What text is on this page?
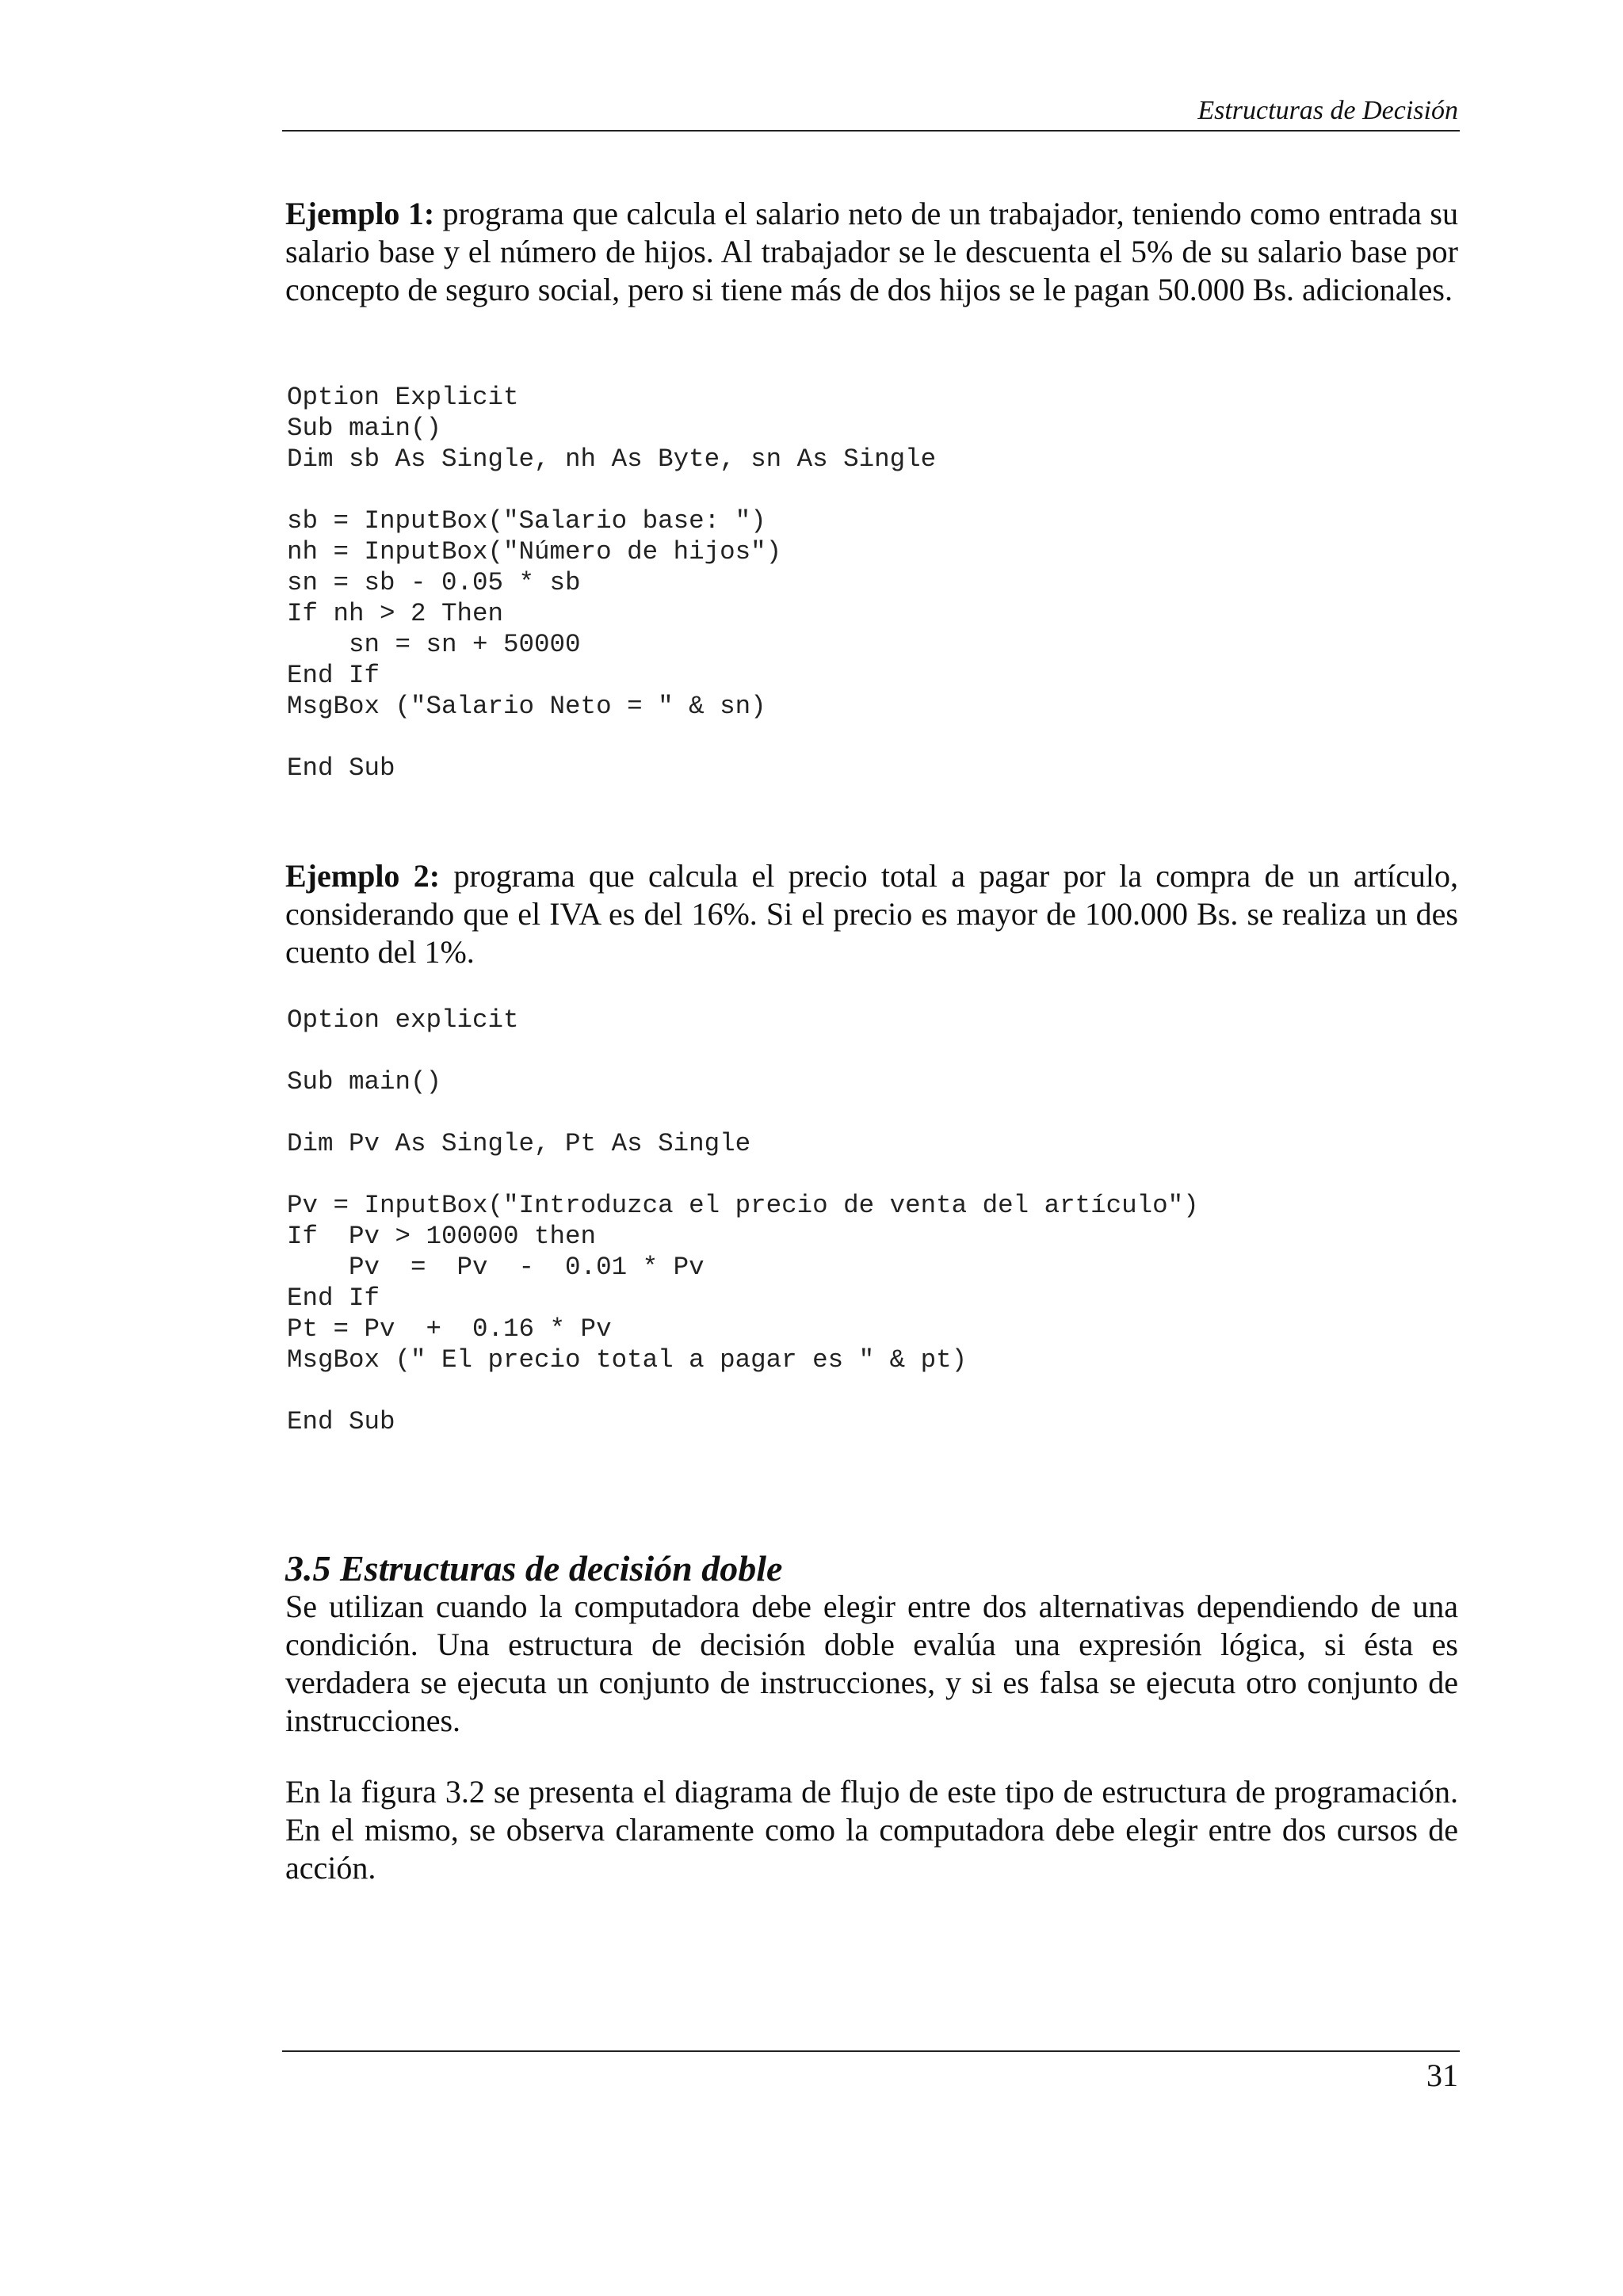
Estructuras de Decisión

Ejemplo 1: programa que calcula el salario neto de un trabajador, teniendo como entrada su salario base y el número de hijos. Al trabajador se le descuenta el 5% de su salario base por concepto de seguro social, pero si tiene más de dos hijos se le pagan 50.000 Bs. adicionales.

Option Explicit
Sub main()
Dim sb As Single, nh As Byte, sn As Single

sb = InputBox("Salario base: ")
nh = InputBox("Número de hijos")
sn = sb - 0.05 * sb
If nh > 2 Then
sn = sn + 50000
End If
MsgBox ("Salario Neto = " & sn)

End Sub

Ejemplo 2: programa que calcula el precio total a pagar por la compra de un artículo, considerando que el IVA es del 16%. Si el precio es mayor de 100.000 Bs. se realiza un des cuento del 1%.

Option explicit

Sub main()

Dim Pv As Single, Pt As Single

Pv = InputBox("Introduzca el precio de venta del artículo")
If  Pv > 100000 then
Pv  =  Pv  -  0.01 * Pv
End If
Pt = Pv  +  0.16 * Pv
MsgBox (" El precio total a pagar es " & pt)

End Sub
3.5 Estructuras de decisión doble

Se utilizan cuando la computadora debe elegir entre dos alternativas dependiendo de una condición. Una estructura de decisión doble evalúa una expresión lógica, si ésta es verdadera se ejecuta un conjunto de instrucciones, y si es falsa se ejecuta otro conjunto de instrucciones.

En la figura 3.2 se presenta el diagrama de flujo de este tipo de estructura de programación. En el mismo, se observa claramente como la computadora debe elegir entre dos cursos de acción.

31
